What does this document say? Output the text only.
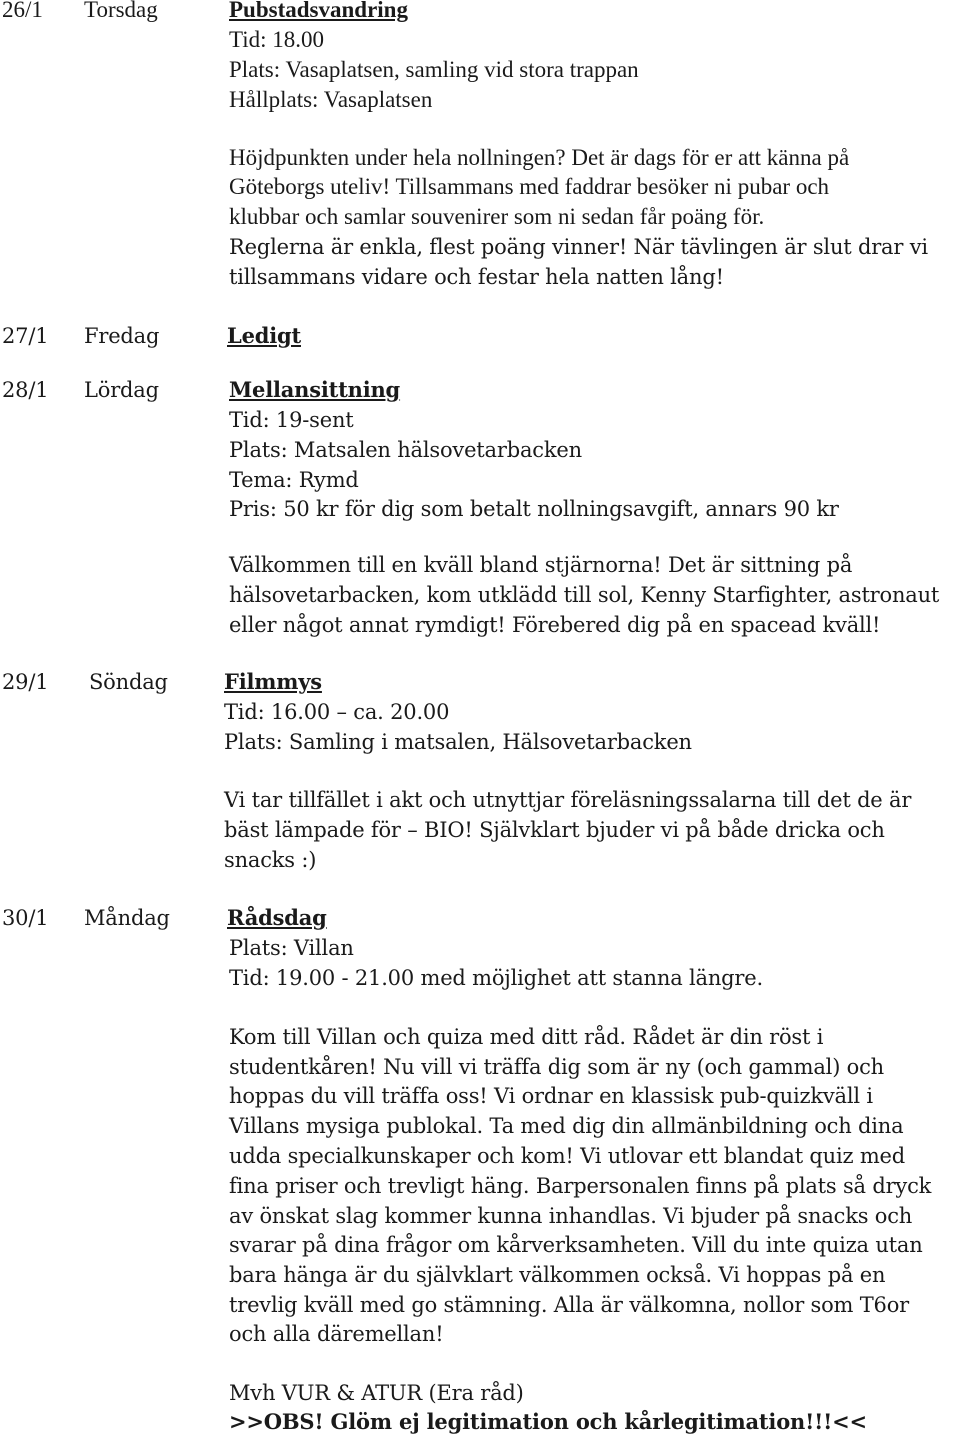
26/1 Torsdag	Pubstadsvandring
Tid: 18.00
Plats: Vasaplatsen, samling vid stora trappan
Hållplats: Vasaplatsen
Höjdpunkten under hela nollningen? Det är dags för er att känna på
Göteborgs uteliv! Tillsammans med faddrar besöker ni pubar och
klubbar och samlar souvenirer som ni sedan får poäng för.
Reglerna är enkla, flest poäng vinner! När tävlingen är slut drar vi
tillsammans vidare och festar hela natten lång!
27/1 Fredag	Ledigt
28/1 Lördag	Mellansittning
Tid: 19-sent
Plats: Matsalen hälsovetarbacken
Tema: Rymd
Pris: 50 kr för dig som betalt nollningsavgift, annars 90 kr
Välkommen till en kväll bland stjärnorna! Det är sittning på
hälsovetarbacken, kom utklädd till sol, Kenny Starfighter, astronaut
eller något annat rymdigt! Förebered dig på en spacead kväll!
29/1 Söndag	Filmmys
Tid: 16.00 – ca. 20.00
Plats: Samling i matsalen, Hälsovetarbacken
Vi tar tillfället i akt och utnyttjar föreläsningssalarna till det de är
bäst lämpade för – BIO! Självklart bjuder vi på både dricka och
snacks :)
30/1 Måndag	Rådsdag
Plats: Villan
Tid: 19.00 - 21.00 med möjlighet att stanna längre.
Kom till Villan och quiza med ditt råd. Rådet är din röst i
studentkåren! Nu vill vi träffa dig som är ny (och gammal) och
hoppas du vill träffa oss! Vi ordnar en klassisk pub-quizkväll i
Villans mysiga publokal. Ta med dig din allmänbildning och dina
udda specialkunskaper och kom! Vi utlovar ett blandat quiz med
fina priser och trevligt häng. Barpersonalen finns på plats så dryck
av önskat slag kommer kunna inhandlas. Vi bjuder på snacks och
svarar på dina frågor om kårverksamheten. Vill du inte quiza utan
bara hänga är du självklart välkommen också. Vi hoppas på en
trevlig kväll med go stämning. Alla är välkomna, nollor som T6or
och alla däremellan!
Mvh VUR & ATUR (Era råd)
>>OBS! Glöm ej legitimation och kårlegitimation!!!<<
